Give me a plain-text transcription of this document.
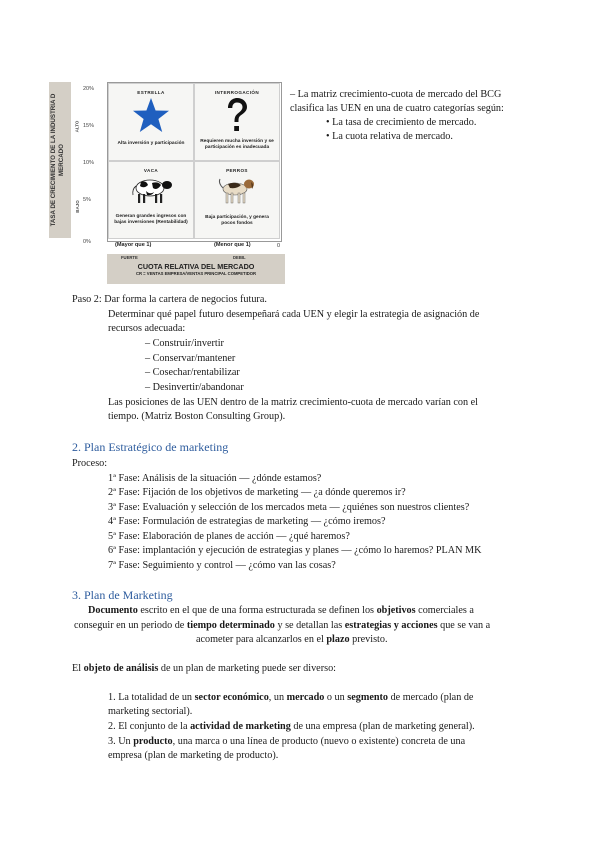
TASA DE CRECIMIENTO DE LA INDUSTRIA D MERCADO
ALTO
BAJO
20%
15%
10%
5%
0%
ESTRELLA
Alta inversión y participación
INTERROGACIÓN
Requieren mucha inversión y se participación es inadecuada
VACA
Generan grandes ingresos con bajas inversiones (Rentabilidad)
PERROS
Baja participación, y genera pocos fondos
(Mayor que 1)	(Menor que 1)	0
FUERTE	DEBIL
CUOTA RELATIVA DEL MERCADO
CR = VENTAS EMPRESA/VENTAS PRINCIPAL COMPETIDOR
– La matriz crecimiento-cuota de mercado del BCG
clasifica las UEN en una de cuatro categorías según:
• La tasa de crecimiento de mercado.
• La cuota relativa de mercado.
Paso 2: Dar forma la cartera de negocios futura.
Determinar qué papel futuro desempeñará cada UEN y elegir la estrategia de asignación de
recursos adecuada:
– Construir/invertir
– Conservar/mantener
– Cosechar/rentabilizar
– Desinvertir/abandonar
Las posiciones de las UEN dentro de la matriz crecimiento-cuota de mercado varían con el
tiempo. (Matriz Boston Consulting Group).
2. Plan Estratégico de marketing
Proceso:
1ª Fase: Análisis de la situación — ¿dónde estamos?
2ª Fase: Fijación de los objetivos de marketing — ¿a dónde queremos ir?
3ª Fase: Evaluación y selección de los mercados meta — ¿quiénes son nuestros clientes?
4ª Fase: Formulación de estrategias de marketing — ¿cómo iremos?
5ª Fase: Elaboración de planes de acción — ¿qué haremos?
6ª Fase: implantación y ejecución de estrategias y planes — ¿cómo lo haremos? PLAN MK
7ª Fase: Seguimiento y control — ¿cómo van las cosas?
3. Plan de Marketing
Documento escrito en el que de una forma estructurada se definen los objetivos comerciales a
conseguir en un periodo de tiempo determinado y se detallan las estrategias y acciones que se van a
acometer para alcanzarlos en el plazo previsto.
El objeto de análisis de un plan de marketing puede ser diverso:
1. La totalidad de un sector económico, un mercado o un segmento de mercado (plan de
marketing sectorial).
2. El conjunto de la actividad de marketing de una empresa (plan de marketing general).
3. Un producto, una marca o una línea de producto (nuevo o existente) concreta de una
empresa (plan de marketing de producto).
